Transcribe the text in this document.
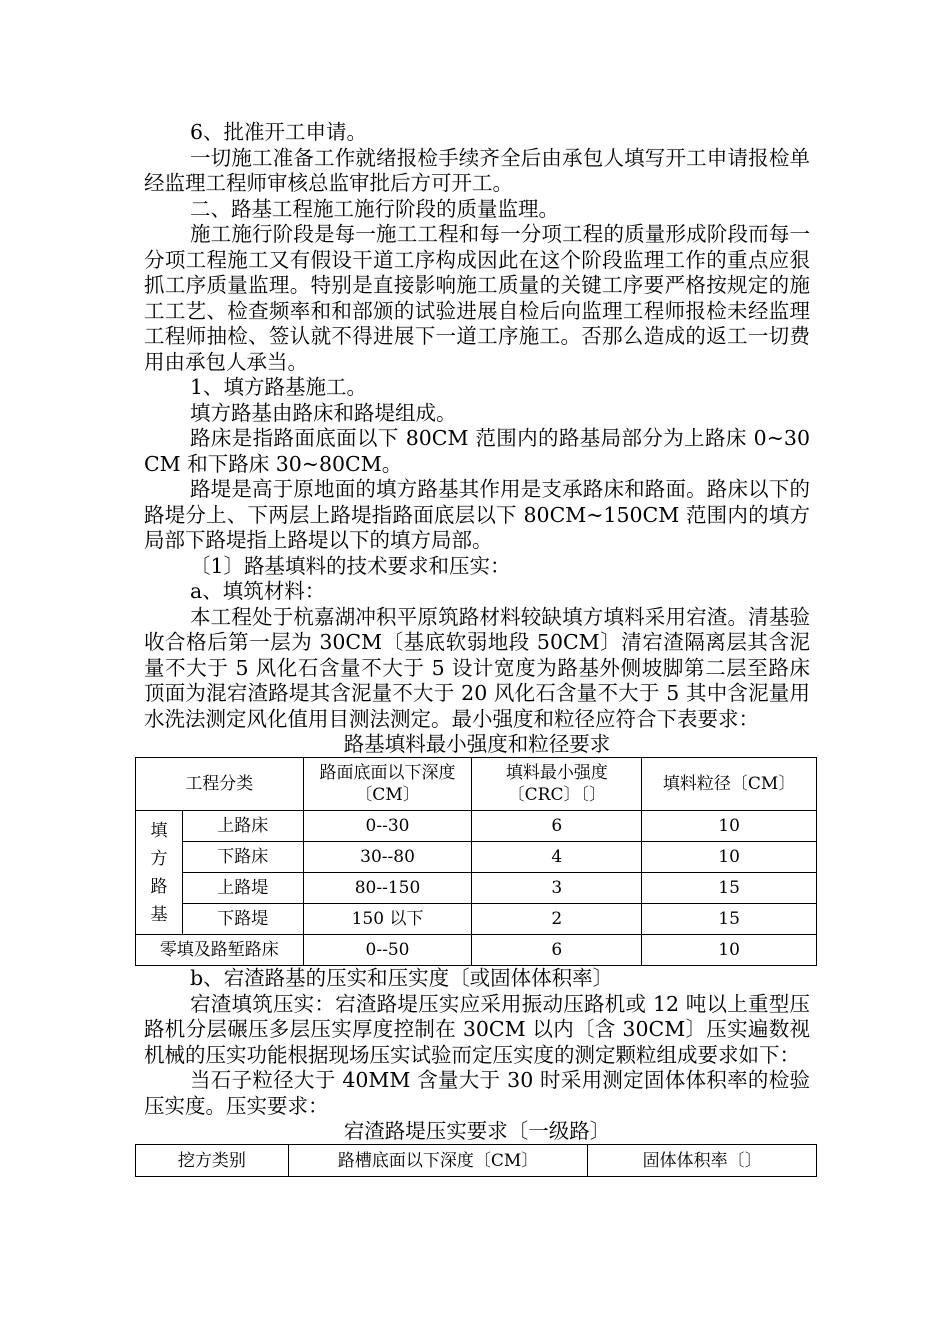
6、批准开工申请。

一切施工准备工作就绪报检手续齐全后由承包人填写开工申请报检单经监理工程师审核总监审批后方可开工。

二、路基工程施工施行阶段的质量监理。

施工施行阶段是每一施工工程和每一分项工程的质量形成阶段而每一分项工程施工又有假设干道工序构成因此在这个阶段监理工作的重点应狠抓工序质量监理。特别是直接影响施工质量的关键工序要严格按规定的施工工艺、检查频率和和部颁的试验进展自检后向监理工程师报检未经监理工程师抽检、签认就不得进展下一道工序施工。否那么造成的返工一切费用由承包人承当。

1、填方路基施工。

填方路基由路床和路堤组成。

路床是指路面底面以下 80CM 范围内的路基局部分为上路床 0~30CM 和下路床 30~80CM。

路堤是高于原地面的填方路基其作用是支承路床和路面。路床以下的路堤分上、下两层上路堤指路面底层以下 80CM~150CM 范围内的填方局部下路堤指上路堤以下的填方局部。

〔1〕路基填料的技术要求和压实：

a、填筑材料：

本工程处于杭嘉湖冲积平原筑路材料较缺填方填料采用宕渣。清基验收合格后第一层为 30CM〔基底软弱地段 50CM〕清宕渣隔离层其含泥量不大于 5 风化石含量不大于 5 设计宽度为路基外侧坡脚第二层至路床顶面为混宕渣路堤其含泥量不大于 20 风化石含量不大于 5 其中含泥量用水洗法测定风化值用目测法测定。最小强度和粒径应符合下表要求：

路基填料最小强度和粒径要求

工程分类		路面底面以下深度〔CM〕	填料最小强度〔CRC〕〔〕	填料粒径〔CM〕

填方路基	上路床	0--30	6	10
	下路床	30--80	4	10
	上路堤	80--150	3	15
	下路堤	150 以下	2	15
零填及路堑路床		0--50	6	10

b、宕渣路基的压实和压实度〔或固体体积率〕

宕渣填筑压实：宕渣路堤压实应采用振动压路机或 12 吨以上重型压路机分层碾压多层压实厚度控制在 30CM 以内〔含 30CM〕压实遍数视机械的压实功能根据现场压实试验而定压实度的测定颗粒组成要求如下：

当石子粒径大于 40MM 含量大于 30 时采用测定固体体积率的检验压实度。压实要求：

宕渣路堤压实要求〔一级路〕

挖方类别	路槽底面以下深度〔CM〕	固体体积率〔〕
